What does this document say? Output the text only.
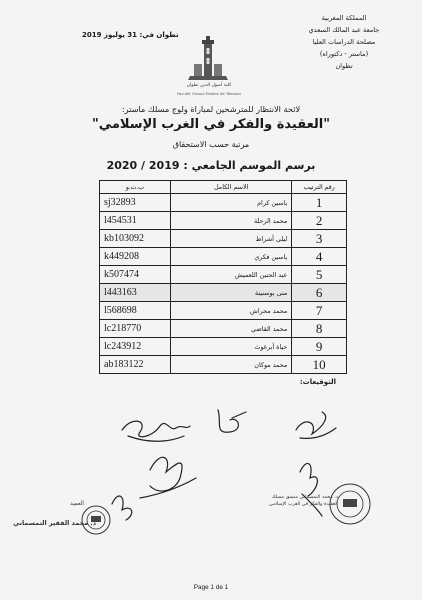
المملكة المغربية
جامعة عبد المالك السعدي
مصلحة الدراسات العليا
(ماستر - دكتوراه)
تطوان
تطوان في: 31 يوليوز 2019
كلية أصول الدين تطوان
Faculté Ossoul Eddine de Tétouan
لائحة الانتظار للمترشحين لمباراة ولوج مسلك ماستر:
"العقيدة والفكر في الغرب الإسلامي"
مرتبة حسب الاستحقاق
برسم الموسم الجامعي : 2019 / 2020
رقم الترتيب	الاسم الكامل	ب.ت.و
1	ياسين كرام	sj32893
2	محمد الرحلة	l454531
3	ليلى أشراط	kb103092
4	ياسين فكري	k449208
5	عبد الحنين اللعميش	k507474
6	منى بوسنينة	l443163
7	محمد محراش	l568698
8	محمد القاضي	lc218770
9	حياة أبرغوث	lc243912
10	محمد موكان	ab183122
التوقيعات:
العميد
د. محمد الفقير التمسماني
د. محمد التمسماني منسق مسلك العقيدة والفكر في الغرب الإسلامي
Page 1 de 1
